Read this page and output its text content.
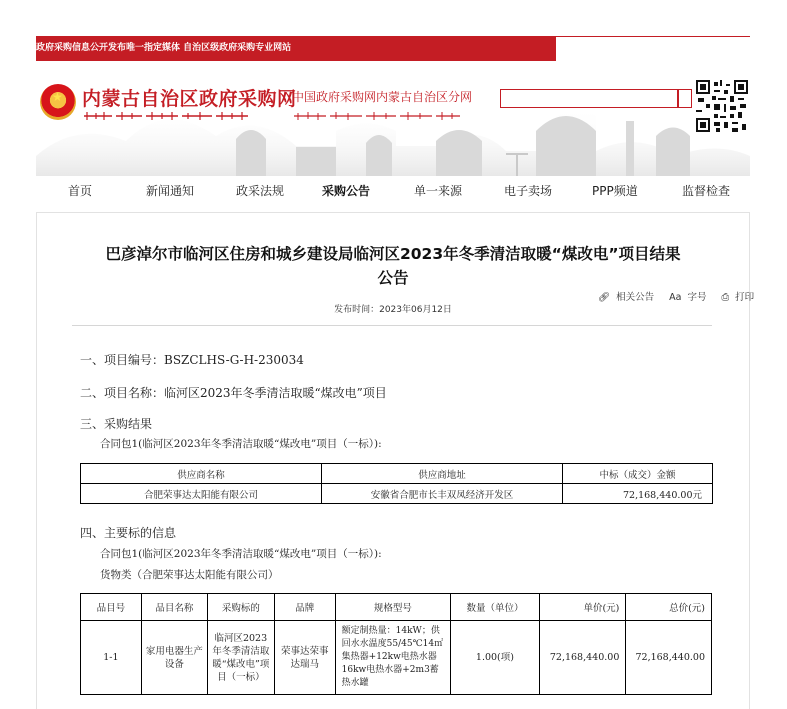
政府采购信息公开发布唯一指定媒体 自治区级政府采购专业网站
★ 内蒙古自治区政府采购网
中国政府采购网内蒙古自治区分网
首页	新闻通知	政采法规	采购公告	单一来源	电子卖场	PPP频道	监督检查
巴彦淖尔市临河区住房和城乡建设局临河区2023年冬季清洁取暖“煤改电”项目结果公告
🔗︎ 相关公告 Aa 字号 ⎙ 打印
发布时间：2023年06月12日
一、项目编号：BSZCLHS-G-H-230034
二、项目名称：临河区2023年冬季清洁取暖“煤改电”项目
三、采购结果
合同包1(临河区2023年冬季清洁取暖“煤改电”项目（一标）):
供应商名称	供应商地址	中标（成交）金额
合肥荣事达太阳能有限公司	安徽省合肥市长丰双凤经济开发区	72,168,440.00元
四、主要标的信息
合同包1(临河区2023年冬季清洁取暖“煤改电”项目（一标）):
货物类（合肥荣事达太阳能有限公司）
品目号	品目名称	采购标的	品牌	规格型号	数量（单位）	单价(元)	总价(元)
1-1	家用电器生产设备	临河区2023年冬季清洁取暖“煤改电”项目（一标）	荣事达荣事达瑞马	额定制热量：14kW；供回水水温度55/45℃14㎡集热器+12kw电热水器16kw电热水器+2m3蓄热水罐	1.00(项)	72,168,440.00	72,168,440.00
